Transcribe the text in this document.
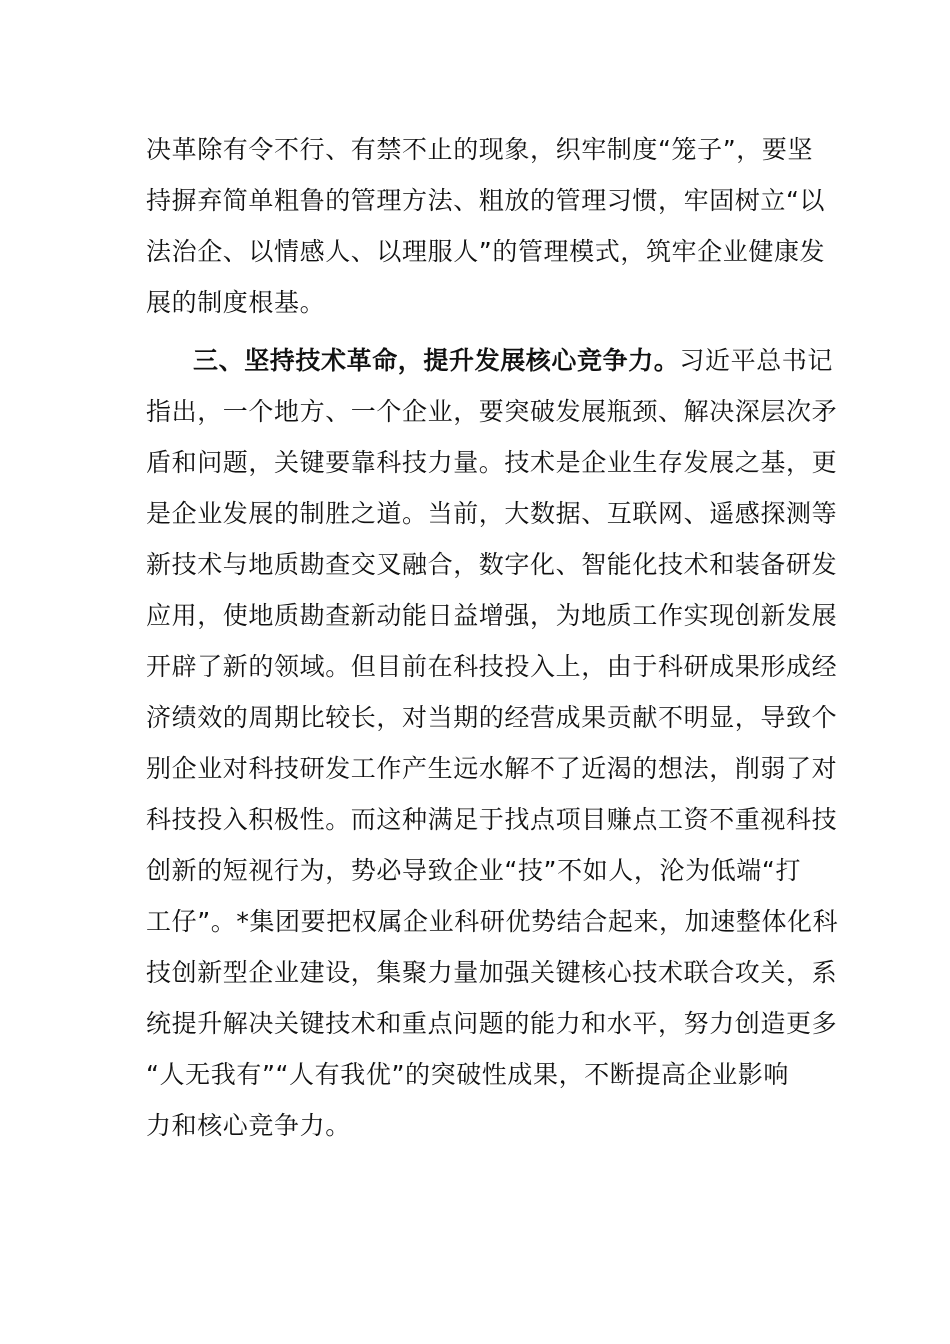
决革除有令不行、有禁不止的现象，织牢制度“笼子”，要坚
持摒弃简单粗鲁的管理方法、粗放的管理习惯，牢固树立“以
法治企、以情感人、以理服人”的管理模式，筑牢企业健康发
展的制度根基。
三、坚持技术革命，提升发展核心竞争力。习近平总书记
指出，一个地方、一个企业，要突破发展瓶颈、解决深层次矛
盾和问题，关键要靠科技力量。技术是企业生存发展之基，更
是企业发展的制胜之道。当前，大数据、互联网、遥感探测等
新技术与地质勘查交叉融合，数字化、智能化技术和装备研发
应用，使地质勘查新动能日益增强，为地质工作实现创新发展
开辟了新的领域。但目前在科技投入上，由于科研成果形成经
济绩效的周期比较长，对当期的经营成果贡献不明显，导致个
别企业对科技研发工作产生远水解不了近渴的想法，削弱了对
科技投入积极性。而这种满足于找点项目赚点工资不重视科技
创新的短视行为，势必导致企业“技”不如人，沦为低端“打
工仔”。*集团要把权属企业科研优势结合起来，加速整体化科
技创新型企业建设，集聚力量加强关键核心技术联合攻关，系
统提升解决关键技术和重点问题的能力和水平，努力创造更多
“人无我有”“人有我优”的突破性成果，不断提高企业影响
力和核心竞争力。
